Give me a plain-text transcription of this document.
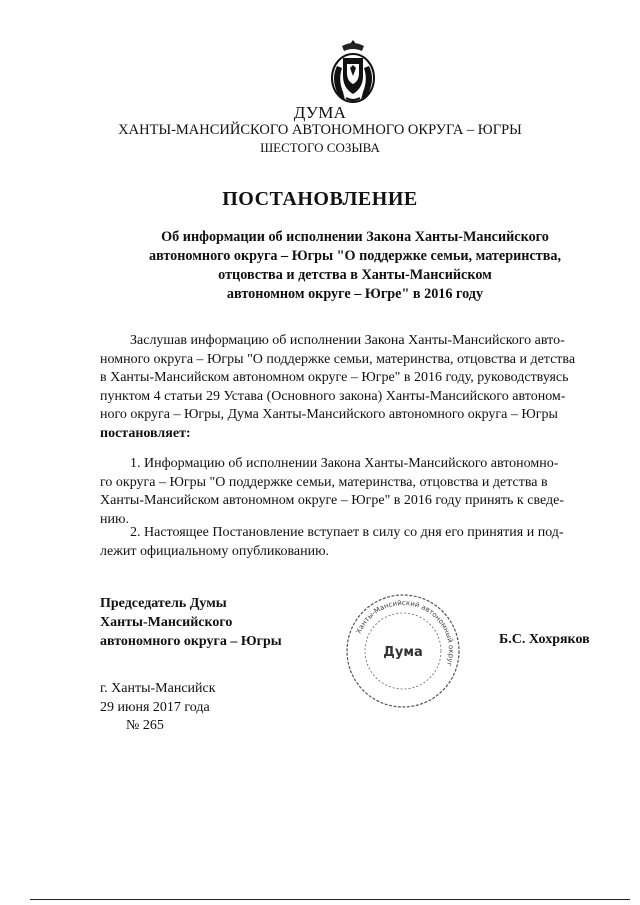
ДУМА
ХАНТЫ-МАНСИЙСКОГО АВТОНОМНОГО ОКРУГА – ЮГРЫ
ШЕСТОГО СОЗЫВА
ПОСТАНОВЛЕНИЕ
Об информации об исполнении Закона Ханты-Мансийского
автономного округа – Югры "О поддержке семьи, материнства,
отцовства и детства в Ханты-Мансийском
автономном округе – Югре" в 2016 году
Заслушав информацию об исполнении Закона Ханты-Мансийского авто-
номного округа – Югры "О поддержке семьи, материнства, отцовства и детства
в Ханты-Мансийском автономном округе – Югре" в 2016 году, руководствуясь
пунктом 4 статьи 29 Устава (Основного закона) Ханты-Мансийского автоном-
ного округа – Югры, Дума Ханты-Мансийского автономного округа – Югры
постановляет:
1. Информацию об исполнении Закона Ханты-Мансийского автономно-
го округа – Югры "О поддержке семьи, материнства, отцовства и детства в
Ханты-Мансийском автономном округе – Югре" в 2016 году принять к сведе-
нию.
2. Настоящее Постановление вступает в силу со дня его принятия и под-
лежит официальному опубликованию.
Председатель Думы
Ханты-Мансийского
автономного округа – Югры
Ханты-Мансийский автономный округ
Дума
Б.С. Хохряков
г. Ханты-Мансийск
29 июня 2017 года
№ 265
